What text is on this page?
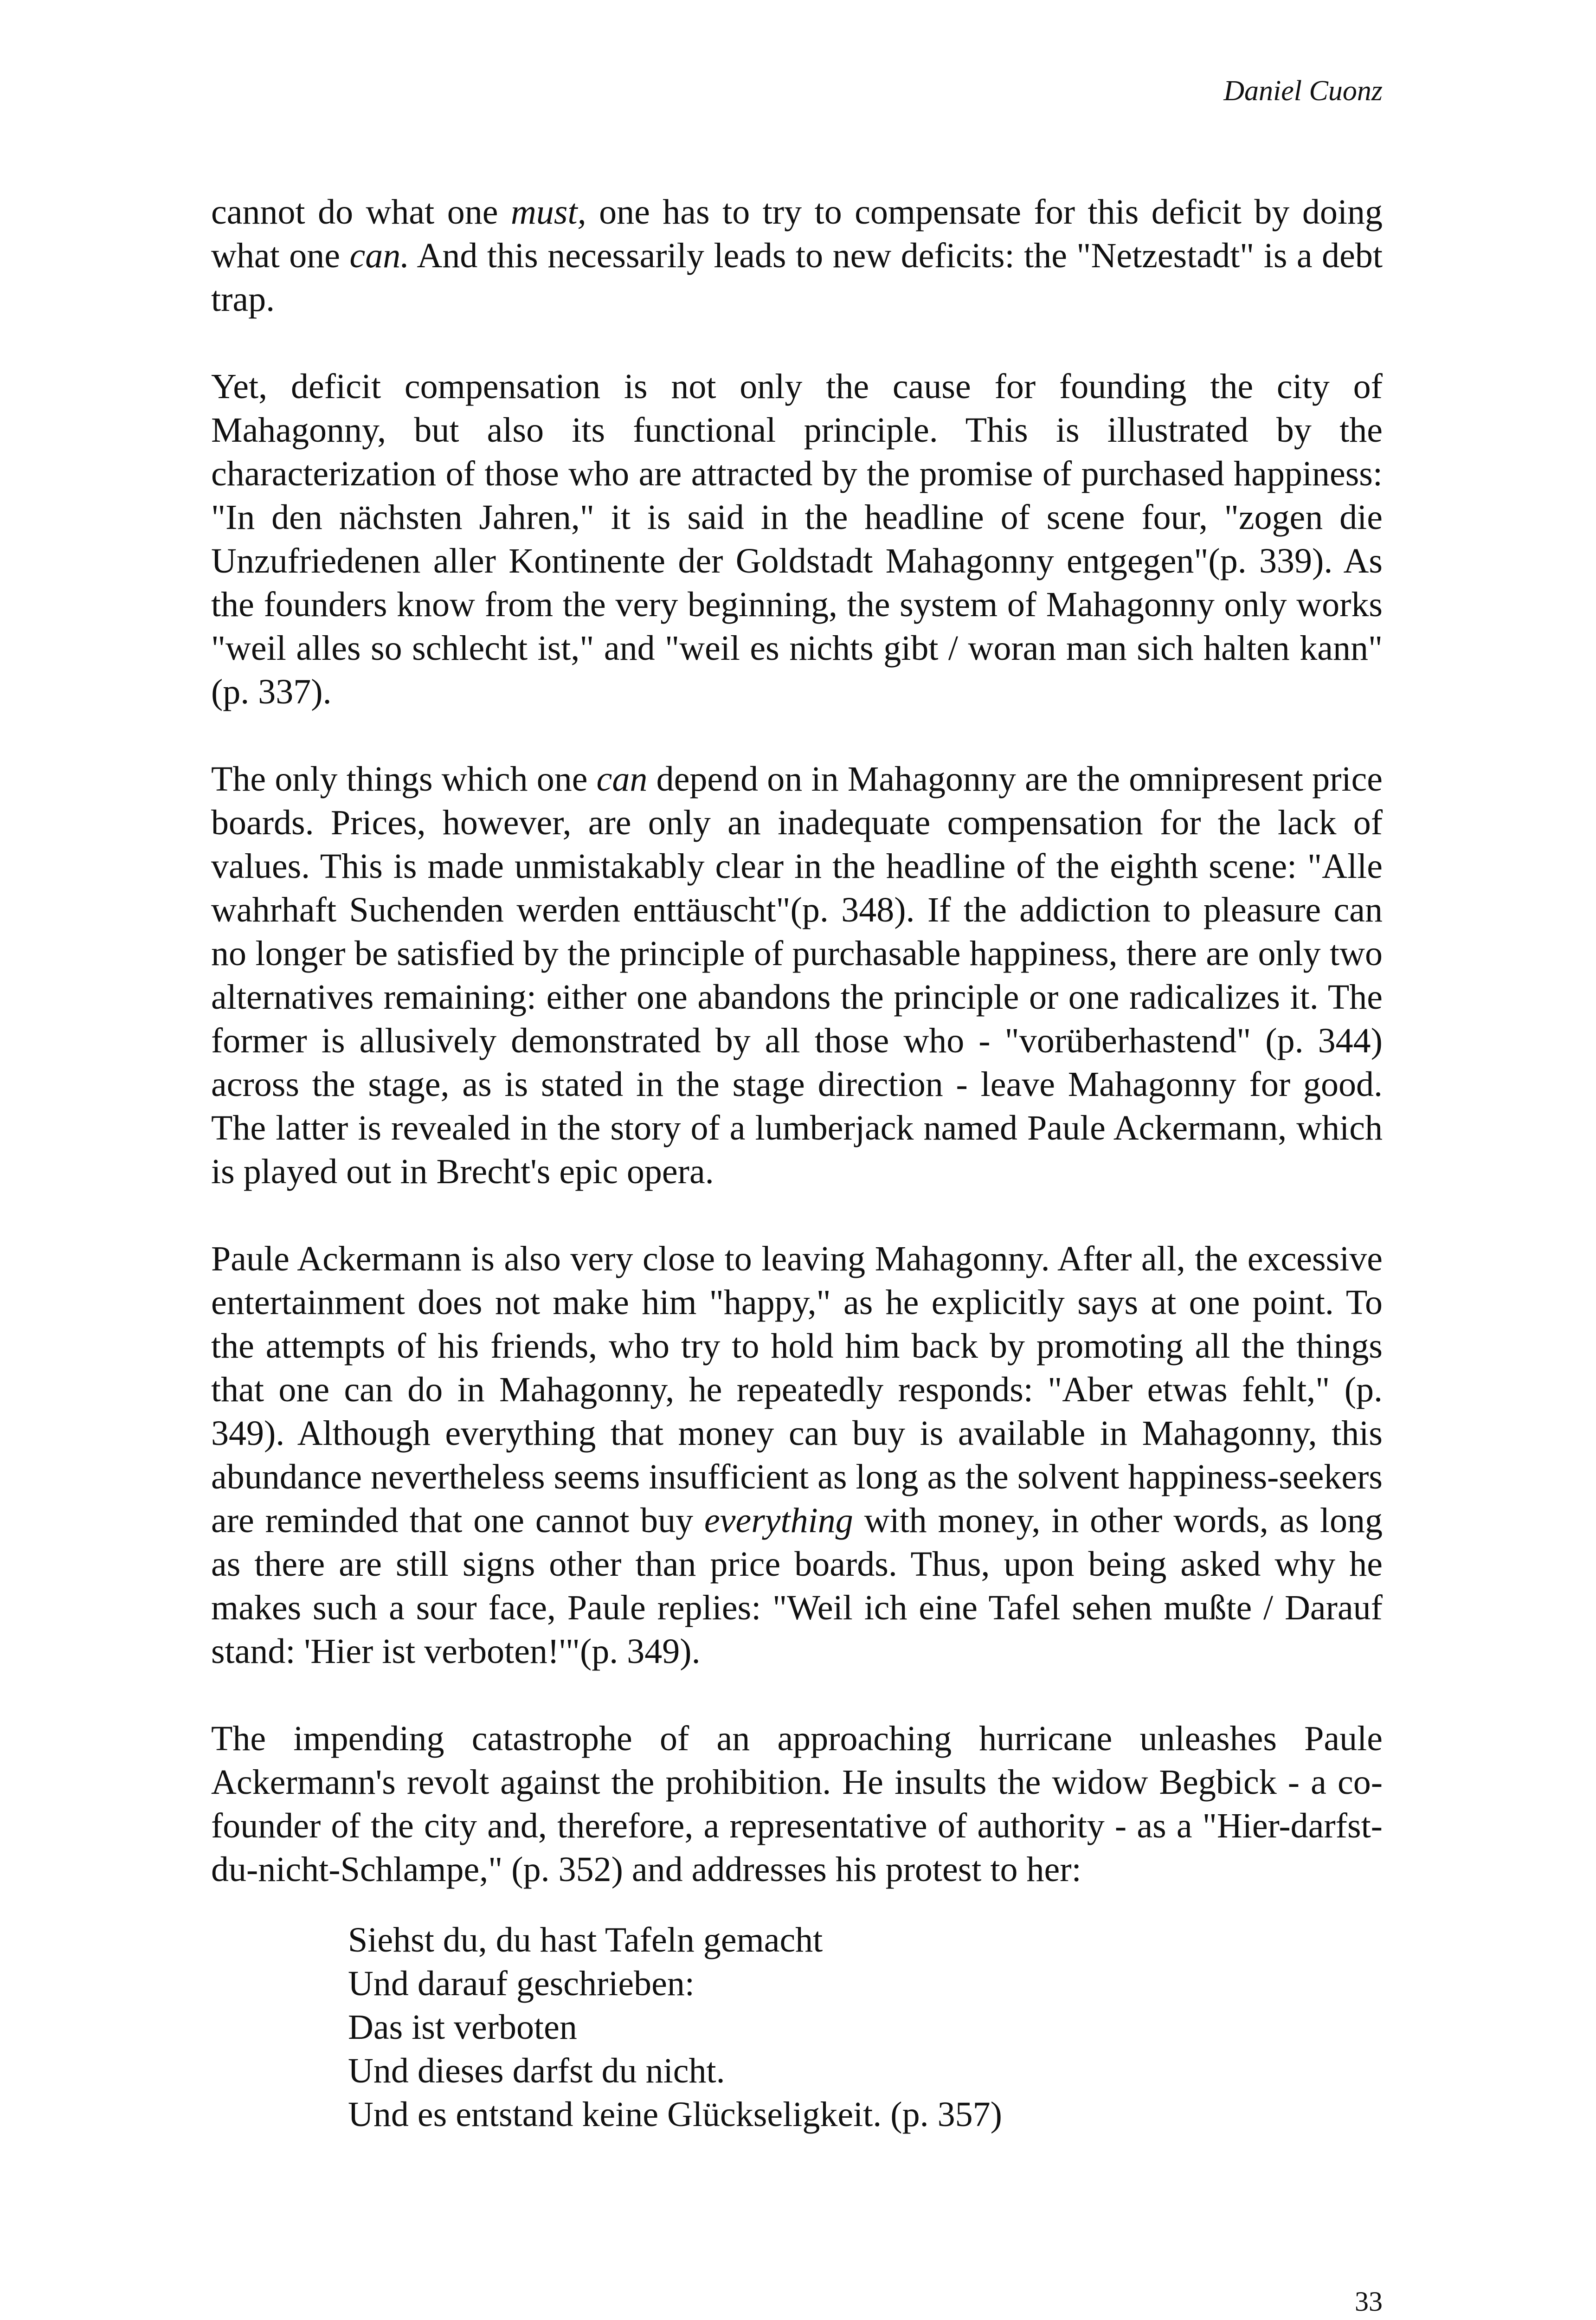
Daniel Cuonz

cannot do what one must, one has to try to compensate for this deficit by doing what one can. And this necessarily leads to new deficits: the "Netzestadt" is a debt trap.

Yet, deficit compensation is not only the cause for founding the city of Mahagonny, but also its functional principle. This is illustrated by the characterization of those who are attracted by the promise of purchased happiness: "In den nächsten Jahren," it is said in the headline of scene four, "zogen die Unzufriedenen aller Kontinente der Goldstadt Mahagonny entgegen"(p. 339). As the founders know from the very beginning, the system of Mahagonny only works "weil alles so schlecht ist," and "weil es nichts gibt / woran man sich halten kann" (p. 337).

The only things which one can depend on in Mahagonny are the omnipresent price boards. Prices, however, are only an inadequate compensation for the lack of values. This is made unmistakably clear in the headline of the eighth scene: "Alle wahrhaft Suchenden werden enttäuscht"(p. 348). If the addiction to pleasure can no longer be satisfied by the principle of purchasable happiness, there are only two alternatives remaining: either one abandons the principle or one radicalizes it. The former is allusively demonstrated by all those who - "vorüberhastend" (p. 344) across the stage, as is stated in the stage direction - leave Mahagonny for good. The latter is revealed in the story of a lumberjack named Paule Ackermann, which is played out in Brecht's epic opera.

Paule Ackermann is also very close to leaving Mahagonny. After all, the excessive entertainment does not make him "happy," as he explicitly says at one point. To the attempts of his friends, who try to hold him back by promoting all the things that one can do in Mahagonny, he repeatedly responds: "Aber etwas fehlt," (p. 349). Although everything that money can buy is available in Mahagonny, this abundance nevertheless seems insufficient as long as the solvent happiness-seekers are reminded that one cannot buy everything with money, in other words, as long as there are still signs other than price boards. Thus, upon being asked why he makes such a sour face, Paule replies: "Weil ich eine Tafel sehen mußte / Darauf stand: 'Hier ist verboten!'"(p. 349).

The impending catastrophe of an approaching hurricane unleashes Paule Ackermann's revolt against the prohibition. He insults the widow Begbick - a co-founder of the city and, therefore, a representative of authority - as a "Hier-darfst-du-nicht-Schlampe," (p. 352) and addresses his protest to her:

Siehst du, du hast Tafeln gemacht
Und darauf geschrieben:
Das ist verboten
Und dieses darfst du nicht.
Und es entstand keine Glückseligkeit. (p. 357)
33
